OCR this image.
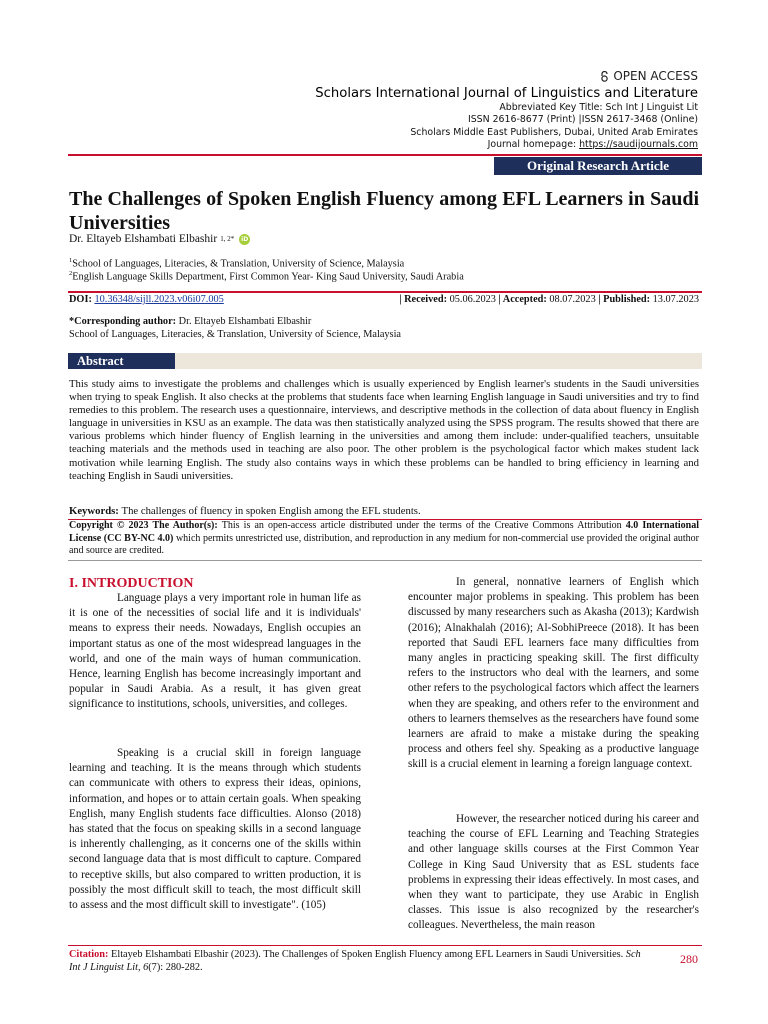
OPEN ACCESS
Scholars International Journal of Linguistics and Literature
Abbreviated Key Title: Sch Int J Linguist Lit
ISSN 2616-8677 (Print) |ISSN 2617-3468 (Online)
Scholars Middle East Publishers, Dubai, United Arab Emirates
Journal homepage: https://saudijournals.com
Original Research Article
The Challenges of Spoken English Fluency among EFL Learners in Saudi Universities
Dr. Eltayeb Elshambati Elbashir 1, 2*	iD
$^1$School of Languages, Literacies, & Translation, University of Science, Malaysia
$^2$English Language Skills Department, First Common Year- King Saud University, Saudi Arabia
DOI: 10.36348/sijll.2023.v06i07.005	| Received: 05.06.2023 | Accepted: 08.07.2023 | Published: 13.07.2023
*Corresponding author: Dr. Eltayeb Elshambati Elbashir
School of Languages, Literacies, & Translation, University of Science, Malaysia
Abstract
This study aims to investigate the problems and challenges which is usually experienced by English learner's students in the Saudi universities when trying to speak English. It also checks at the problems that students face when learning English language in Saudi universities and try to find remedies to this problem. The research uses a questionnaire, interviews, and descriptive methods in the collection of data about fluency in English language in universities in KSU as an example. The data was then statistically analyzed using the SPSS program. The results showed that there are various problems which hinder fluency of English learning in the universities and among them include: under-qualified teachers, unsuitable teaching materials and the methods used in teaching are also poor. The other problem is the psychological factor which makes student lack motivation while learning English. The study also contains ways in which these problems can be handled to bring efficiency in learning and teaching English in Saudi universities.
Keywords: The challenges of fluency in spoken English among the EFL students.
Copyright © 2023 The Author(s): This is an open-access article distributed under the terms of the Creative Commons Attribution 4.0 International License (CC BY-NC 4.0) which permits unrestricted use, distribution, and reproduction in any medium for non-commercial use provided the original author and source are credited.
I. INTRODUCTION

Language plays a very important role in human life as it is one of the necessities of social life and it is individuals' means to express their needs. Nowadays, English occupies an important status as one of the most widespread languages in the world, and one of the main ways of human communication. Hence, learning English has become increasingly important and popular in Saudi Arabia. As a result, it has given great significance to institutions, schools, universities, and colleges.

Speaking is a crucial skill in foreign language learning and teaching. It is the means through which students can communicate with others to express their ideas, opinions, information, and hopes or to attain certain goals. When speaking English, many English students face difficulties. Alonso (2018) has stated that the focus on speaking skills in a second language is inherently challenging, as it concerns one of the skills within second language data that is most difficult to capture. Compared to receptive skills, but also compared to written production, it is possibly the most difficult skill to teach, the most difficult skill to assess and the most difficult skill to investigate". (105)

In general, nonnative learners of English which encounter major problems in speaking. This problem has been discussed by many researchers such as Akasha (2013); Kardwish (2016); Alnakhalah (2016); Al-SobhiPreece (2018). It has been reported that Saudi EFL learners face many difficulties from many angles in practicing speaking skill. The first difficulty refers to the instructors who deal with the learners, and some other refers to the psychological factors which affect the learners when they are speaking, and others refer to the environment and others to learners themselves as the researchers have found some learners are afraid to make a mistake during the speaking process and others feel shy. Speaking as a productive language skill is a crucial element in learning a foreign language context.

However, the researcher noticed during his career and teaching the course of EFL Learning and Teaching Strategies and other language skills courses at the First Common Year College in King Saud University that as ESL students face problems in expressing their ideas effectively. In most cases, and when they want to participate, they use Arabic in English classes. This issue is also recognized by the researcher's colleagues. Nevertheless, the main reason

Citation: Eltayeb Elshambati Elbashir (2023). The Challenges of Spoken English Fluency among EFL Learners in Saudi Universities. Sch Int J Linguist Lit, 6(7): 280-282.
280
